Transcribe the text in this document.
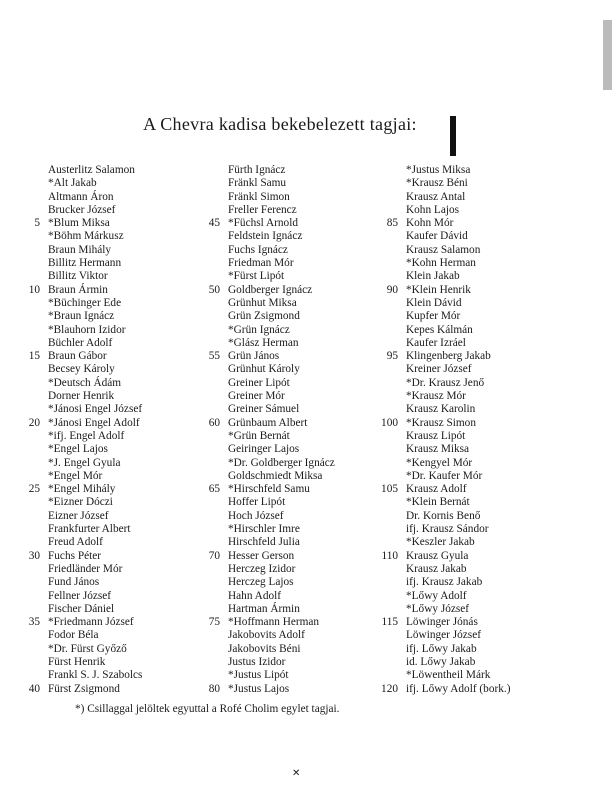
A Chevra kadisa bekebelezett tagjai:
Austerlitz Salamon
*Alt Jakab
Altmann Áron
Brucker József
5 *Blum Miksa
*Böhm Márkusz
Braun Mihály
Billitz Hermann
Billitz Viktor
10 Braun Ármin
*Büchinger Ede
*Braun Ignácz
*Blauhorn Izidor
Büchler Adolf
15 Braun Gábor
Becsey Károly
*Deutsch Ádám
Dorner Henrik
*Jánosi Engel József
20 *Jánosi Engel Adolf
*ifj. Engel Adolf
*Engel Lajos
*J. Engel Gyula
*Engel Mór
25 *Engel Mihály
*Eizner Dóczi
Eizner József
Frankfurter Albert
Freud Adolf
30 Fuchs Péter
Friedländer Mór
Fund János
Fellner József
Fischer Dániel
35 *Friedmann József
Fodor Béla
*Dr. Fürst Győző
Fürst Henrik
Frankl S. J. Szabolcs
40 Fürst Zsigmond
Fürth Ignácz
Fränkl Samu
Fränkl Simon
Freller Ferencz
45 *Füchsl Arnold
Feldstein Ignácz
Fuchs Ignácz
Friedman Mór
*Fürst Lipót
50 Goldberger Ignácz
Grünhut Miksa
Grün Zsigmond
*Grün Ignácz
*Glász Herman
55 Grün János
Grünhut Károly
Greiner Lipót
Greiner Mór
Greiner Sámuel
60 Grünbaum Albert
*Grün Bernát
Geiringer Lajos
*Dr. Goldberger Ignácz
Goldschmiedt Miksa
65 *Hirschfeld Samu
Hoffer Lipót
Hoch József
*Hirschler Imre
Hirschfeld Julia
70 Hesser Gerson
Herczeg Izidor
Herczeg Lajos
Hahn Adolf
Hartman Ármin
75 *Hoffmann Herman
Jakobovits Adolf
Jakobovits Béni
Justus Izidor
*Justus Lipót
80 *Justus Lajos
*Justus Miksa
*Krausz Béni
Krausz Antal
Kohn Lajos
85 Kohn Mór
Kaufer Dávid
Krausz Salamon
*Kohn Herman
Klein Jakab
90 *Klein Henrik
Klein Dávid
Kupfer Mór
Kepes Kálmán
Kaufer Izráel
95 Klingenberg Jakab
Kreiner József
*Dr. Krausz Jenő
*Krausz Mór
Krausz Karolin
100 *Krausz Simon
Krausz Lipót
Krausz Miksa
*Kengyel Mór
*Dr. Kaufer Mór
105 Krausz Adolf
*Klein Bernát
Dr. Kornis Benő
ifj. Krausz Sándor
*Keszler Jakab
110 Krausz Gyula
Krausz Jakab
ifj. Krausz Jakab
*Lőwy Adolf
*Lőwy József
115 Löwinger Jónás
Löwinger József
ifj. Lőwy Jakab
id. Lőwy Jakab
*Löwentheil Márk
120 ifj. Lőwy Adolf (bork.)
*) Csillaggal jelöltek egyuttal a Rofé Cholim egylet tagjai.
✕
